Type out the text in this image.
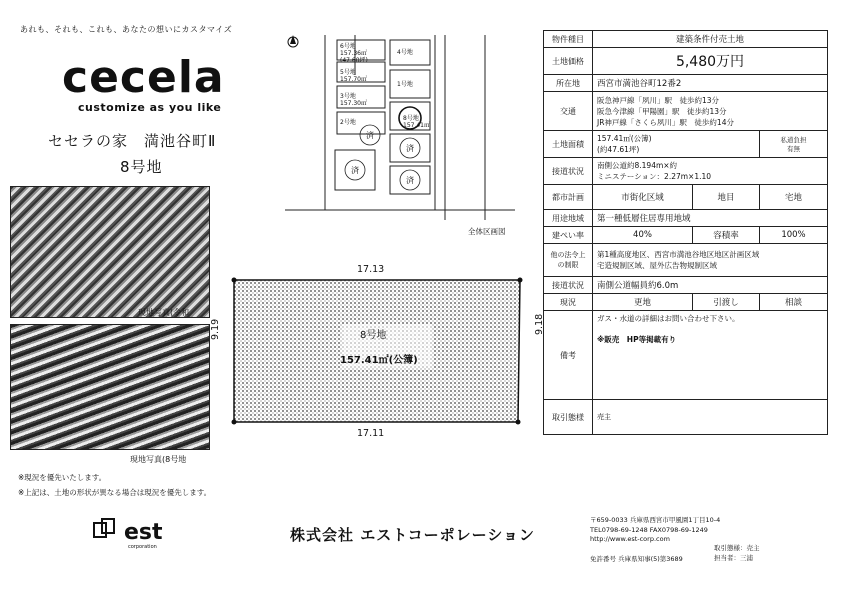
あれも、それも、これも、あなたの想いにカスタマイズ
cecela
customize as you like
セセラの家　満池谷町Ⅱ
8号地
現地写真(令和
現地写真(8号地
※現況を優先いたします。
※上記は、土地の形状が異なる場合は現況を優先します。
6号地 157.36㎡ (47.60坪)
5号地 157.70㎡
4号地
3号地 157.30㎡
2号地
1号地
8号地 157.41㎡
済
済
済
済
全体区画図
17.13
17.11
9.19	9.18
8号地
157.41㎡(公簿)
物件種目	建築条件付売土地		
土地価格	5,480万円		
所在地	西宮市満池谷町12番2		
交通	阪急神戸線「夙川」駅　徒歩約13分
阪急今津線「甲陽園」駅　徒歩約13分
JR神戸線「さくら夙川」駅　徒歩約14分		
土地面積	157.41㎡(公簿)
(約47.61坪)		私道負担
有無
接道状況	南側公道約8.194m×約
ミニステーション：2.27m×1.10		
都市計画	市街化区域	地目	宅地
用途地域	第一種低層住居専用地域		
建ぺい率	40%	容積率	100%
他の法令上の制限	第1種高度地区、西宮市満池谷地区地区計画区域
宅造規制区域、屋外広告物規制区域		
接道状況	南側公道幅員約6.0m		
現況	更地	引渡し	相談
備考	ガス・水道の詳細はお問い合わせ下さい。
※販売　HP等掲載有り		

取引態様	売主		
est
corporation
株式会社 エストコーポレーション
〒659-0033 兵庫県西宮市甲風園1丁目10-4
TEL0798-69-1248 FAX0798-69-1249
http://www.est-corp.com
免許番号 兵庫県知事(5)第3689
取引態様：売主
担当者：三浦
